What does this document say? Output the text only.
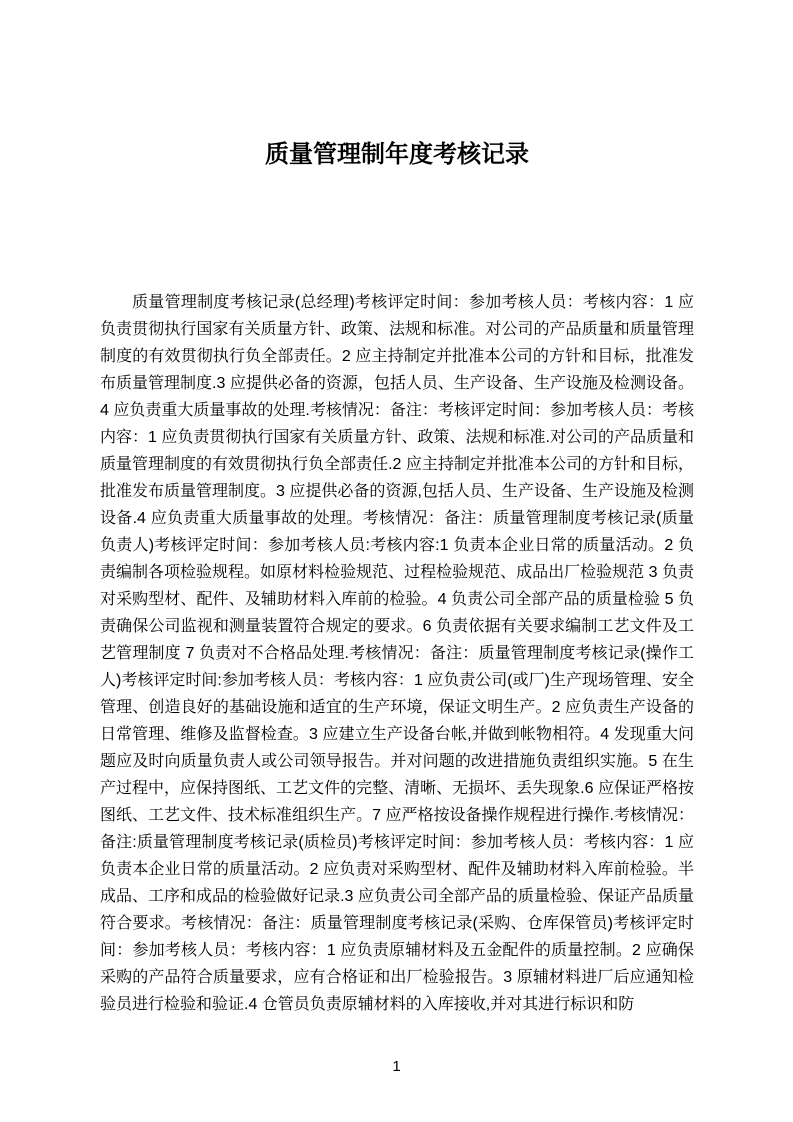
质量管理制年度考核记录

质量管理制度考核记录(总经理)考核评定时间：参加考核人员：考核内容：1 应负责贯彻执行国家有关质量方针、政策、法规和标准。对公司的产品质量和质量管理制度的有效贯彻执行负全部责任。2 应主持制定并批准本公司的方针和目标，批准发布质量管理制度.3 应提供必备的资源，包括人员、生产设备、生产设施及检测设备。4 应负责重大质量事故的处理.考核情况：备注：考核评定时间：参加考核人员：考核内容：1 应负责贯彻执行国家有关质量方针、政策、法规和标准.对公司的产品质量和质量管理制度的有效贯彻执行负全部责任.2 应主持制定并批准本公司的方针和目标，批准发布质量管理制度。3 应提供必备的资源,包括人员、生产设备、生产设施及检测设备.4 应负责重大质量事故的处理。考核情况：备注：质量管理制度考核记录(质量负责人)考核评定时间：参加考核人员:考核内容:1 负责本企业日常的质量活动。2 负责编制各项检验规程。如原材料检验规范、过程检验规范、成品出厂检验规范 3 负责对采购型材、配件、及辅助材料入库前的检验。4 负责公司全部产品的质量检验 5 负责确保公司监视和测量装置符合规定的要求。6 负责依据有关要求编制工艺文件及工艺管理制度 7 负责对不合格品处理.考核情况：备注：质量管理制度考核记录(操作工人)考核评定时间:参加考核人员：考核内容：1 应负责公司(或厂)生产现场管理、安全管理、创造良好的基础设施和适宜的生产环境，保证文明生产。2 应负责生产设备的日常管理、维修及监督检查。3 应建立生产设备台帐,并做到帐物相符。4 发现重大问题应及时向质量负责人或公司领导报告。并对问题的改进措施负责组织实施。5 在生产过程中，应保持图纸、工艺文件的完整、清晰、无损坏、丢失现象.6 应保证严格按图纸、工艺文件、技术标准组织生产。7 应严格按设备操作规程进行操作.考核情况：备注:质量管理制度考核记录(质检员)考核评定时间：参加考核人员：考核内容：1 应负责本企业日常的质量活动。2 应负责对采购型材、配件及辅助材料入库前检验。半成品、工序和成品的检验做好记录.3 应负责公司全部产品的质量检验、保证产品质量符合要求。考核情况：备注：质量管理制度考核记录(采购、仓库保管员)考核评定时间：参加考核人员：考核内容：1 应负责原辅材料及五金配件的质量控制。2 应确保采购的产品符合质量要求，应有合格证和出厂检验报告。3 原辅材料进厂后应通知检验员进行检验和验证.4 仓管员负责原辅材料的入库接收,并对其进行标识和防

1
